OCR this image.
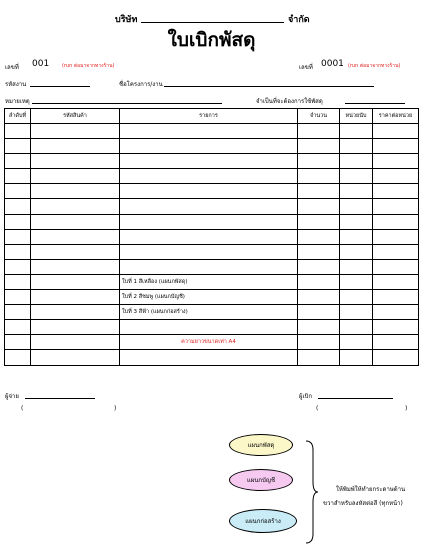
บริษัท	จำกัด
ใบเบิกพัสดุ
เลขที่ 001	(run ต่อมาจากทางร้าน)	เลขที่ 0001 (run ต่อมาจากทางร้าน)
รหัสงาน	ชื่อโครงการ/งาน
หมายเหตุ	จำเป็นที่จะต้องการใช้พัสดุ
ลำดับที่	รหัสสินค้า	รายการ	จำนวน	หน่วยนับ	ราคาต่อหน่วย

		ใบที่ 1 สีเหลือง (แผนกพัสดุ)			
		ใบที่ 2 สีชมพู (แผนกบัญชี)			
		ใบที่ 3 สีฟ้า (แผนกก่อสร้าง)			

		ความยาวขนาดเท่า A4			

ผู้จ่าย
(	)
ผู้เบิก
(	)
แผนกพัสดุ
แผนกบัญชี
แผนกก่อสร้าง
ให้พิมพ์ให้ทำยกระดาษด้าน
ขวาสำหรับลงหัสต่อสี (ทุกหน้า)
